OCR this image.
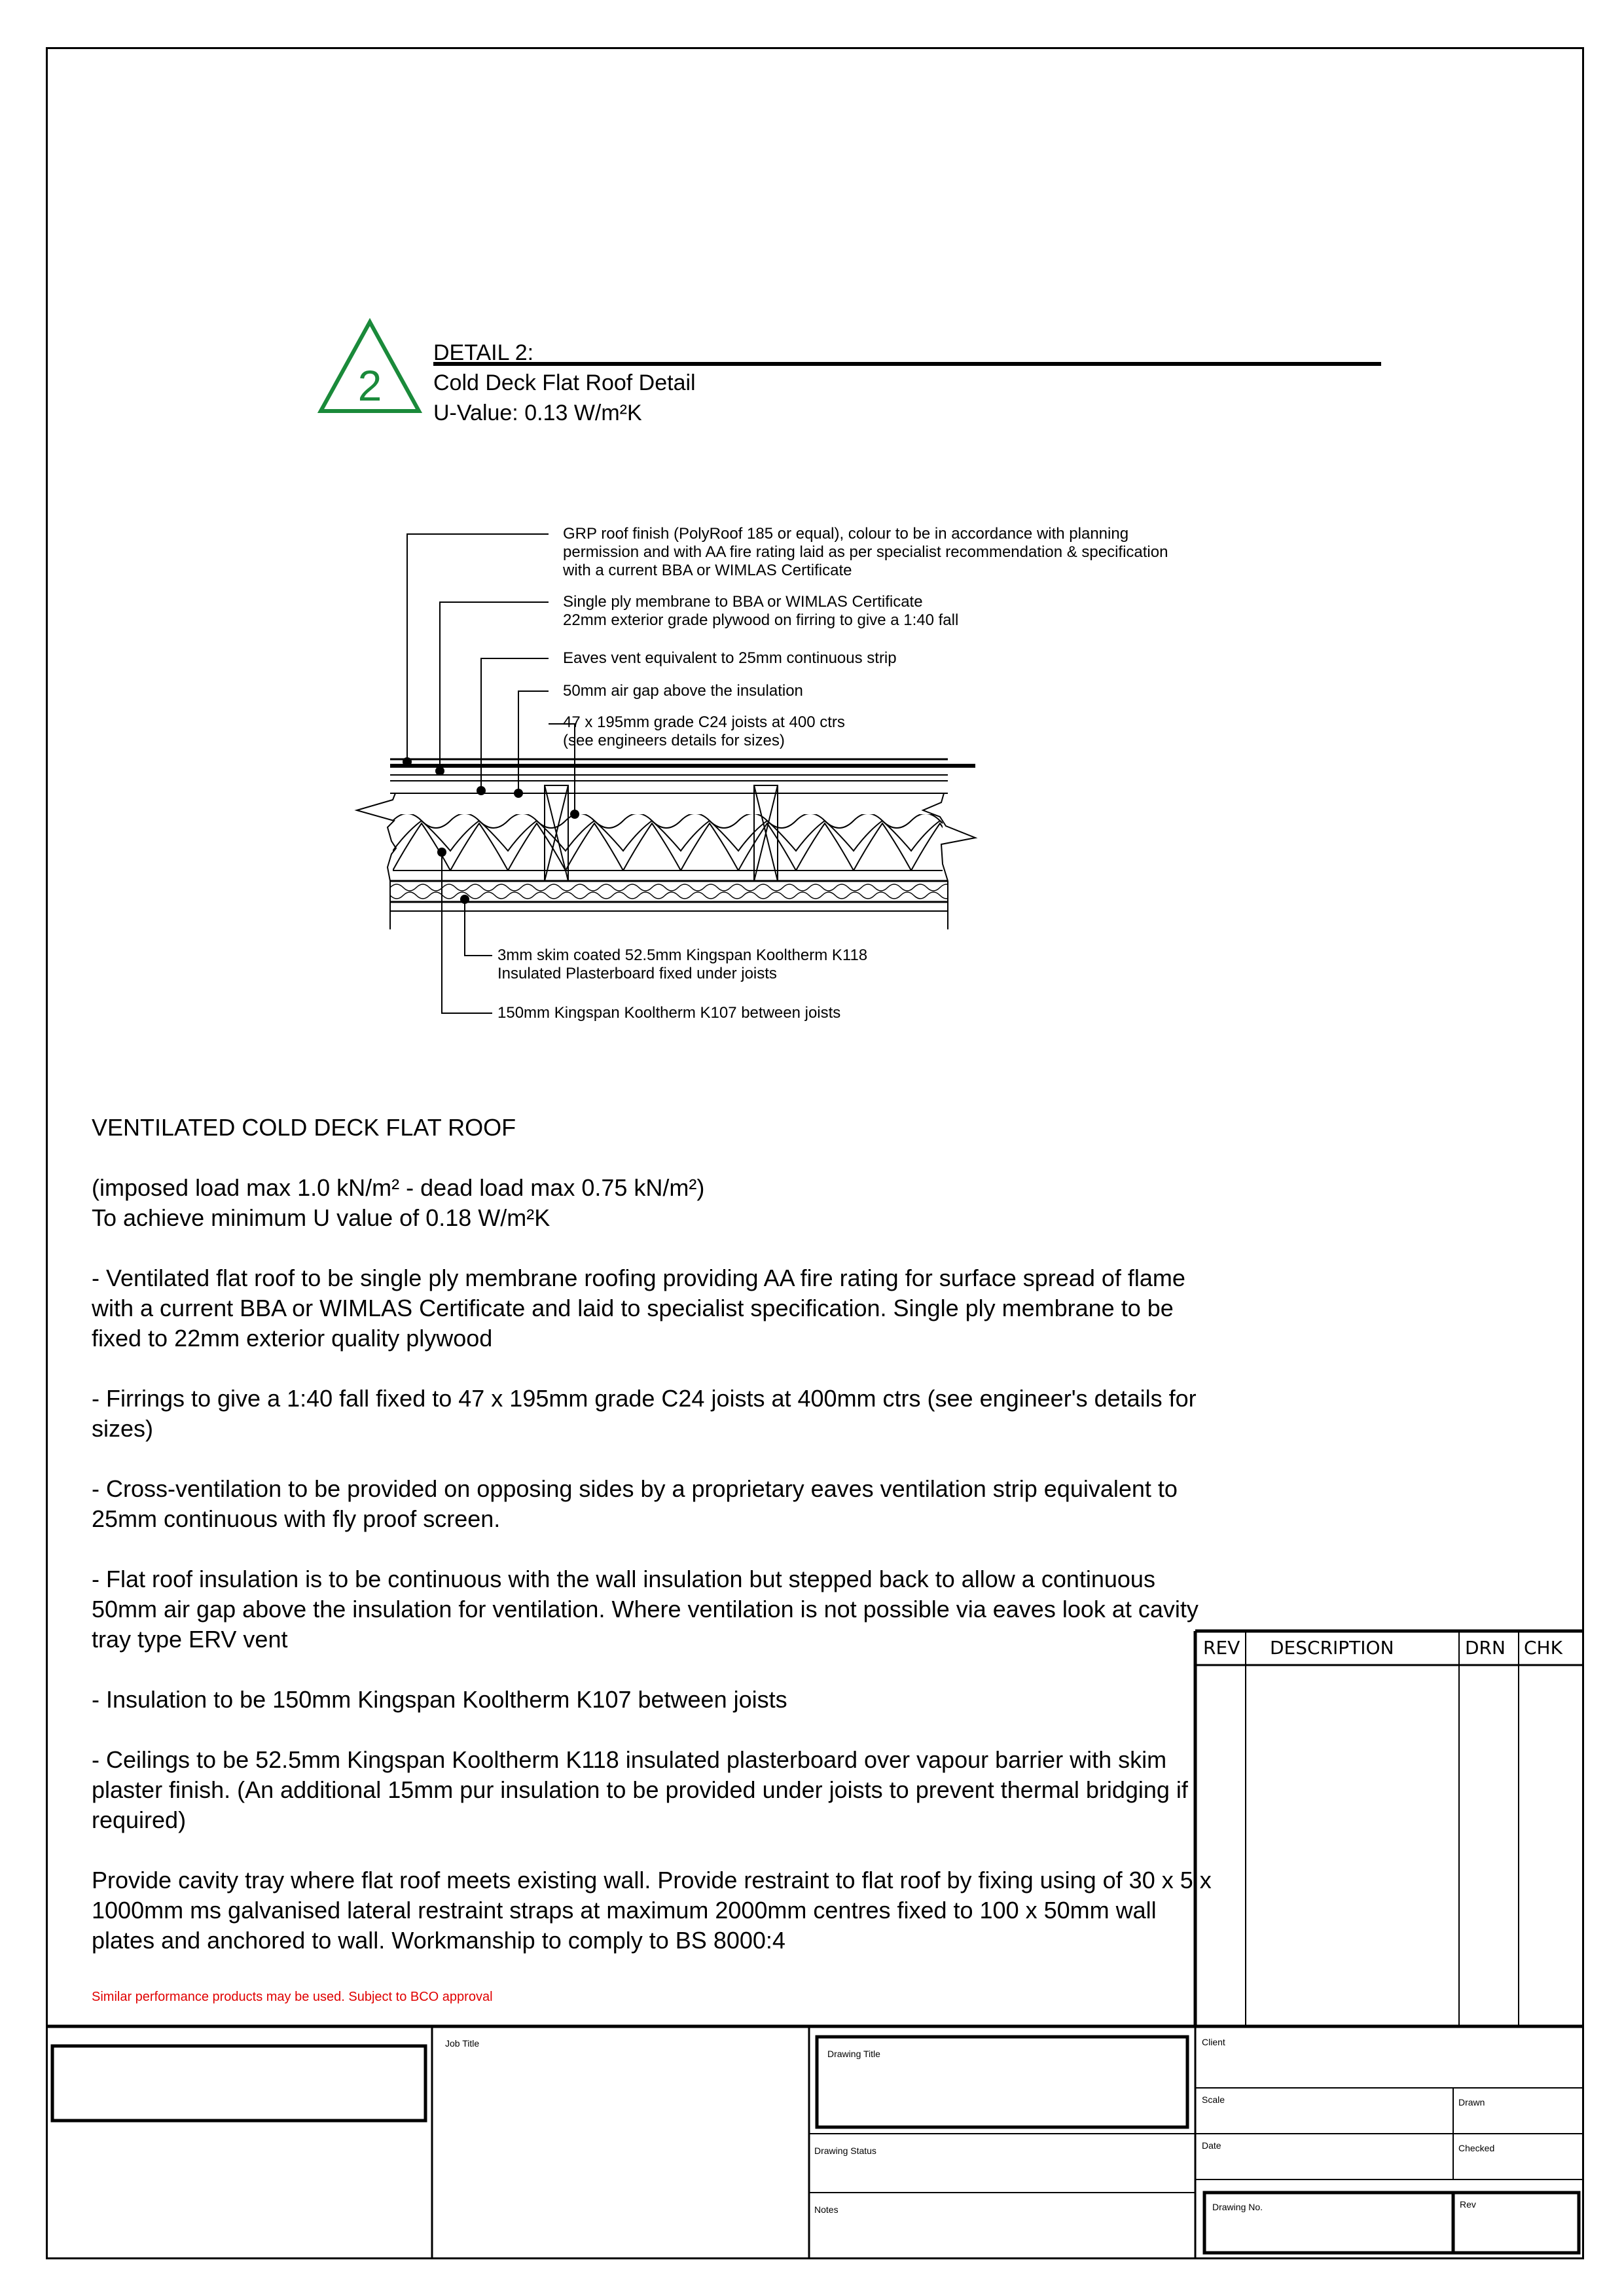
2
DETAIL 2:
Cold Deck Flat Roof Detail
U-Value: 0.13 W/m²K
GRP roof finish (PolyRoof 185 or equal), colour to be in accordance with planning
permission and with AA fire rating laid as per specialist recommendation & specification
with a current BBA or WIMLAS Certificate
Single ply membrane to BBA or WIMLAS Certificate
22mm exterior grade plywood on firring to give a 1:40 fall
Eaves vent equivalent to 25mm continuous strip
50mm air gap above the insulation
47 x 195mm grade C24 joists at 400 ctrs
(see engineers details for sizes)
3mm skim coated 52.5mm Kingspan Kooltherm K118
Insulated Plasterboard fixed under joists
150mm Kingspan Kooltherm K107 between joists

VENTILATED COLD DECK FLAT ROOF

(imposed load max 1.0 kN/m² - dead load max 0.75 kN/m²)

To achieve minimum U value of 0.18 W/m²K

- Ventilated flat roof to be single ply membrane roofing providing AA fire rating for surface spread of flame with a current BBA or WIMLAS Certificate and laid to specialist specification. Single ply membrane to be fixed to 22mm exterior quality plywood

- Firrings to give a 1:40 fall fixed to 47 x 195mm grade C24 joists at 400mm ctrs (see engineer's details for sizes)

- Cross-ventilation to be provided on opposing sides by a proprietary eaves ventilation strip equivalent to 25mm continuous with fly proof screen.

- Flat roof insulation is to be continuous with the wall insulation but stepped back to allow a continuous 50mm air gap above the insulation for ventilation. Where ventilation is not possible via eaves look at cavity tray type ERV vent

- Insulation to be 150mm Kingspan Kooltherm K107 between joists

- Ceilings to be 52.5mm Kingspan Kooltherm K118 insulated plasterboard over vapour barrier with skim plaster finish. (An additional 15mm pur insulation to be provided under joists to prevent thermal bridging if required)

Provide cavity tray where flat roof meets existing wall. Provide restraint to flat roof by fixing using of 30 x 5 x 1000mm ms galvanised lateral restraint straps at maximum 2000mm centres fixed to 100 x 50mm wall plates and anchored to wall. Workmanship to comply to BS 8000:4

Similar performance products may be used. Subject to BCO approval
REV DESCRIPTION	DRN CHK
Job Title
Drawing Title
Drawing Status
Notes
Client
Scale	Drawn
Date	Checked
Drawing No.	Rev
